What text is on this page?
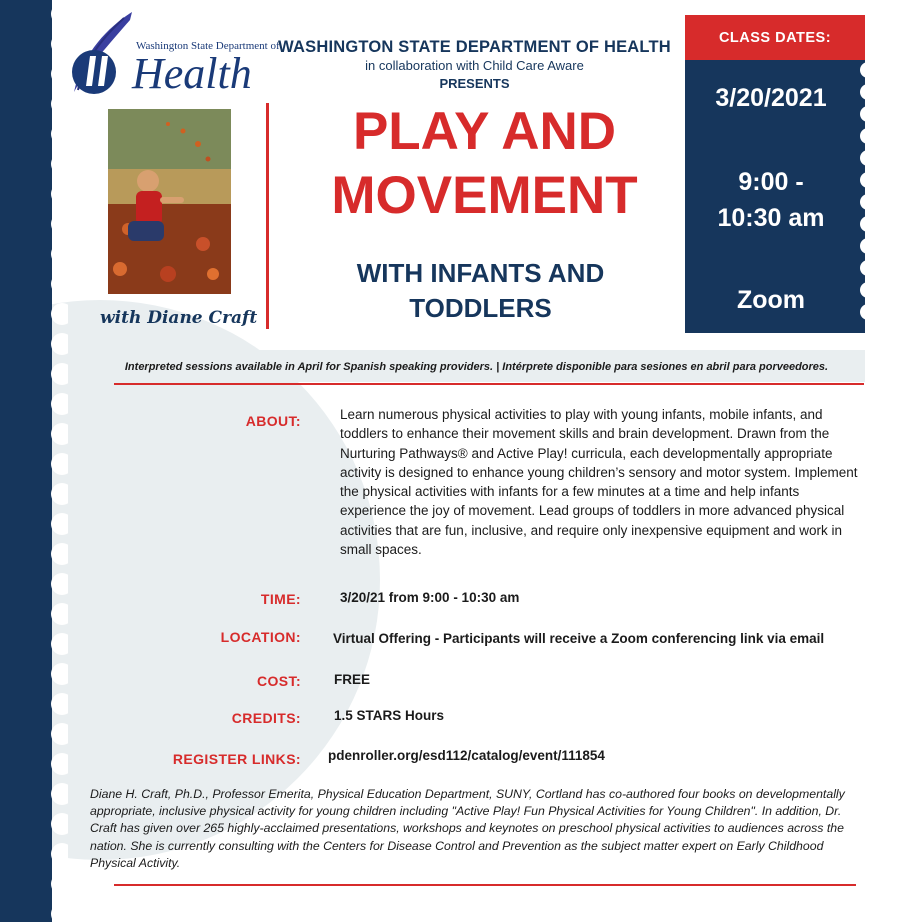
Washington State Department of
Health
with Diane Craft
WASHINGTON STATE DEPARTMENT OF HEALTH
in collaboration with Child Care Aware
PRESENTS
PLAY AND
MOVEMENT
WITH INFANTS AND
TODDLERS
CLASS DATES:
3/20/2021
9:00 -
10:30 am
Zoom
Interpreted sessions available in April for Spanish speaking providers. | Intérprete disponible para sesiones en abril para porveedores.
ABOUT:	Learn numerous physical activities to play with young infants, mobile infants, and toddlers to enhance their movement skills and brain development. Drawn from the Nurturing Pathways® and Active Play! curricula, each developmentally appropriate activity is designed to enhance young children’s sensory and motor system. Implement the physical activities with infants for a few minutes at a time and help infants experience the joy of movement. Lead groups of toddlers in more advanced physical activities that are fun, inclusive, and require only inexpensive equipment and work in small spaces.
TIME:	3/20/21 from 9:00 - 10:30 am
LOCATION: Virtual Offering - Participants will receive a Zoom conferencing link via email
COST: FREE
CREDITS: 1.5 STARS Hours
REGISTER LINKS: pdenroller.org/esd112/catalog/event/111854
Diane H. Craft, Ph.D., Professor Emerita, Physical Education Department, SUNY, Cortland has co-authored four books on developmentally appropriate, inclusive physical activity for young children including "Active Play! Fun Physical Activities for Young Children". In addition, Dr. Craft has given over 265 highly-acclaimed presentations, workshops and keynotes on preschool physical activities to audiences across the nation. She is currently consulting with the Centers for Disease Control and Prevention as the subject matter expert on Early Childhood Physical Activity.
